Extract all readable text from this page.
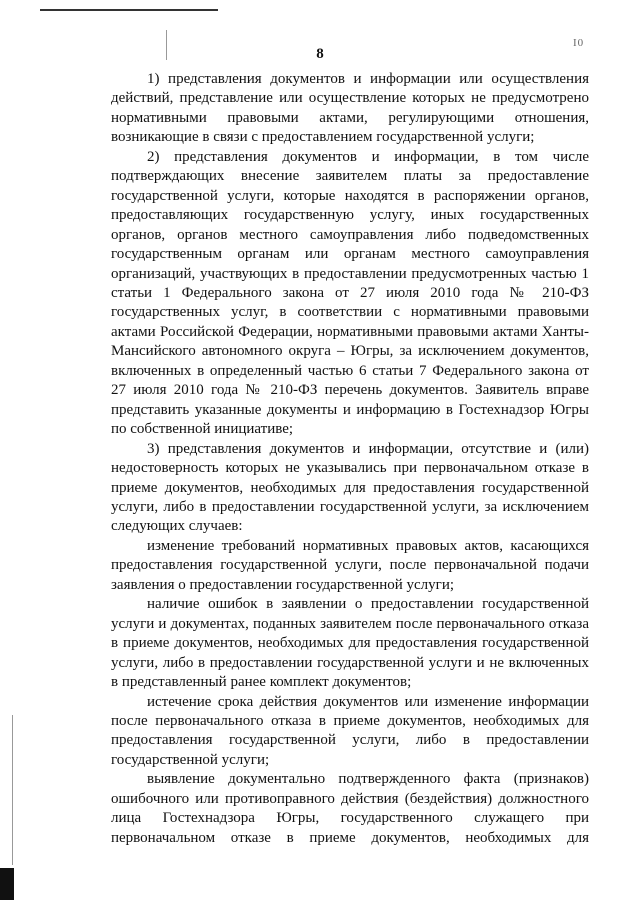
8
I0

1) представления документов и информации или осуществления действий, представление или осуществление которых не предусмотрено нормативными правовыми актами, регулирующими отношения, возникающие в связи с предоставлением государственной услуги;

2) представления документов и информации, в том числе подтверждающих внесение заявителем платы за предоставление государственной услуги, которые находятся в распоряжении органов, предоставляющих государственную услугу, иных государственных органов, органов местного самоуправления либо подведомственных государственным органам или органам местного самоуправления организаций, участвующих в предоставлении предусмотренных частью 1 статьи 1 Федерального закона от 27 июля 2010 года № 210-ФЗ государственных услуг, в соответствии с нормативными правовыми актами Российской Федерации, нормативными правовыми актами Ханты-Мансийского автономного округа – Югры, за исключением документов, включенных в определенный частью 6 статьи 7 Федерального закона от 27 июля 2010 года № 210-ФЗ перечень документов. Заявитель вправе представить указанные документы и информацию в Гостехнадзор Югры по собственной инициативе;

3) представления документов и информации, отсутствие и (или) недостоверность которых не указывались при первоначальном отказе в приеме документов, необходимых для предоставления государственной услуги, либо в предоставлении государственной услуги, за исключением следующих случаев:

изменение требований нормативных правовых актов, касающихся предоставления государственной услуги, после первоначальной подачи заявления о предоставлении государственной услуги;

наличие ошибок в заявлении о предоставлении государственной услуги и документах, поданных заявителем после первоначального отказа в приеме документов, необходимых для предоставления государственной услуги, либо в предоставлении государственной услуги и не включенных в представленный ранее комплект документов;

истечение срока действия документов или изменение информации после первоначального отказа в приеме документов, необходимых для предоставления государственной услуги, либо в предоставлении государственной услуги;

выявление документально подтвержденного факта (признаков) ошибочного или противоправного действия (бездействия) должностного лица Гостехнадзора Югры, государственного служащего при первоначальном отказе в приеме документов, необходимых для
